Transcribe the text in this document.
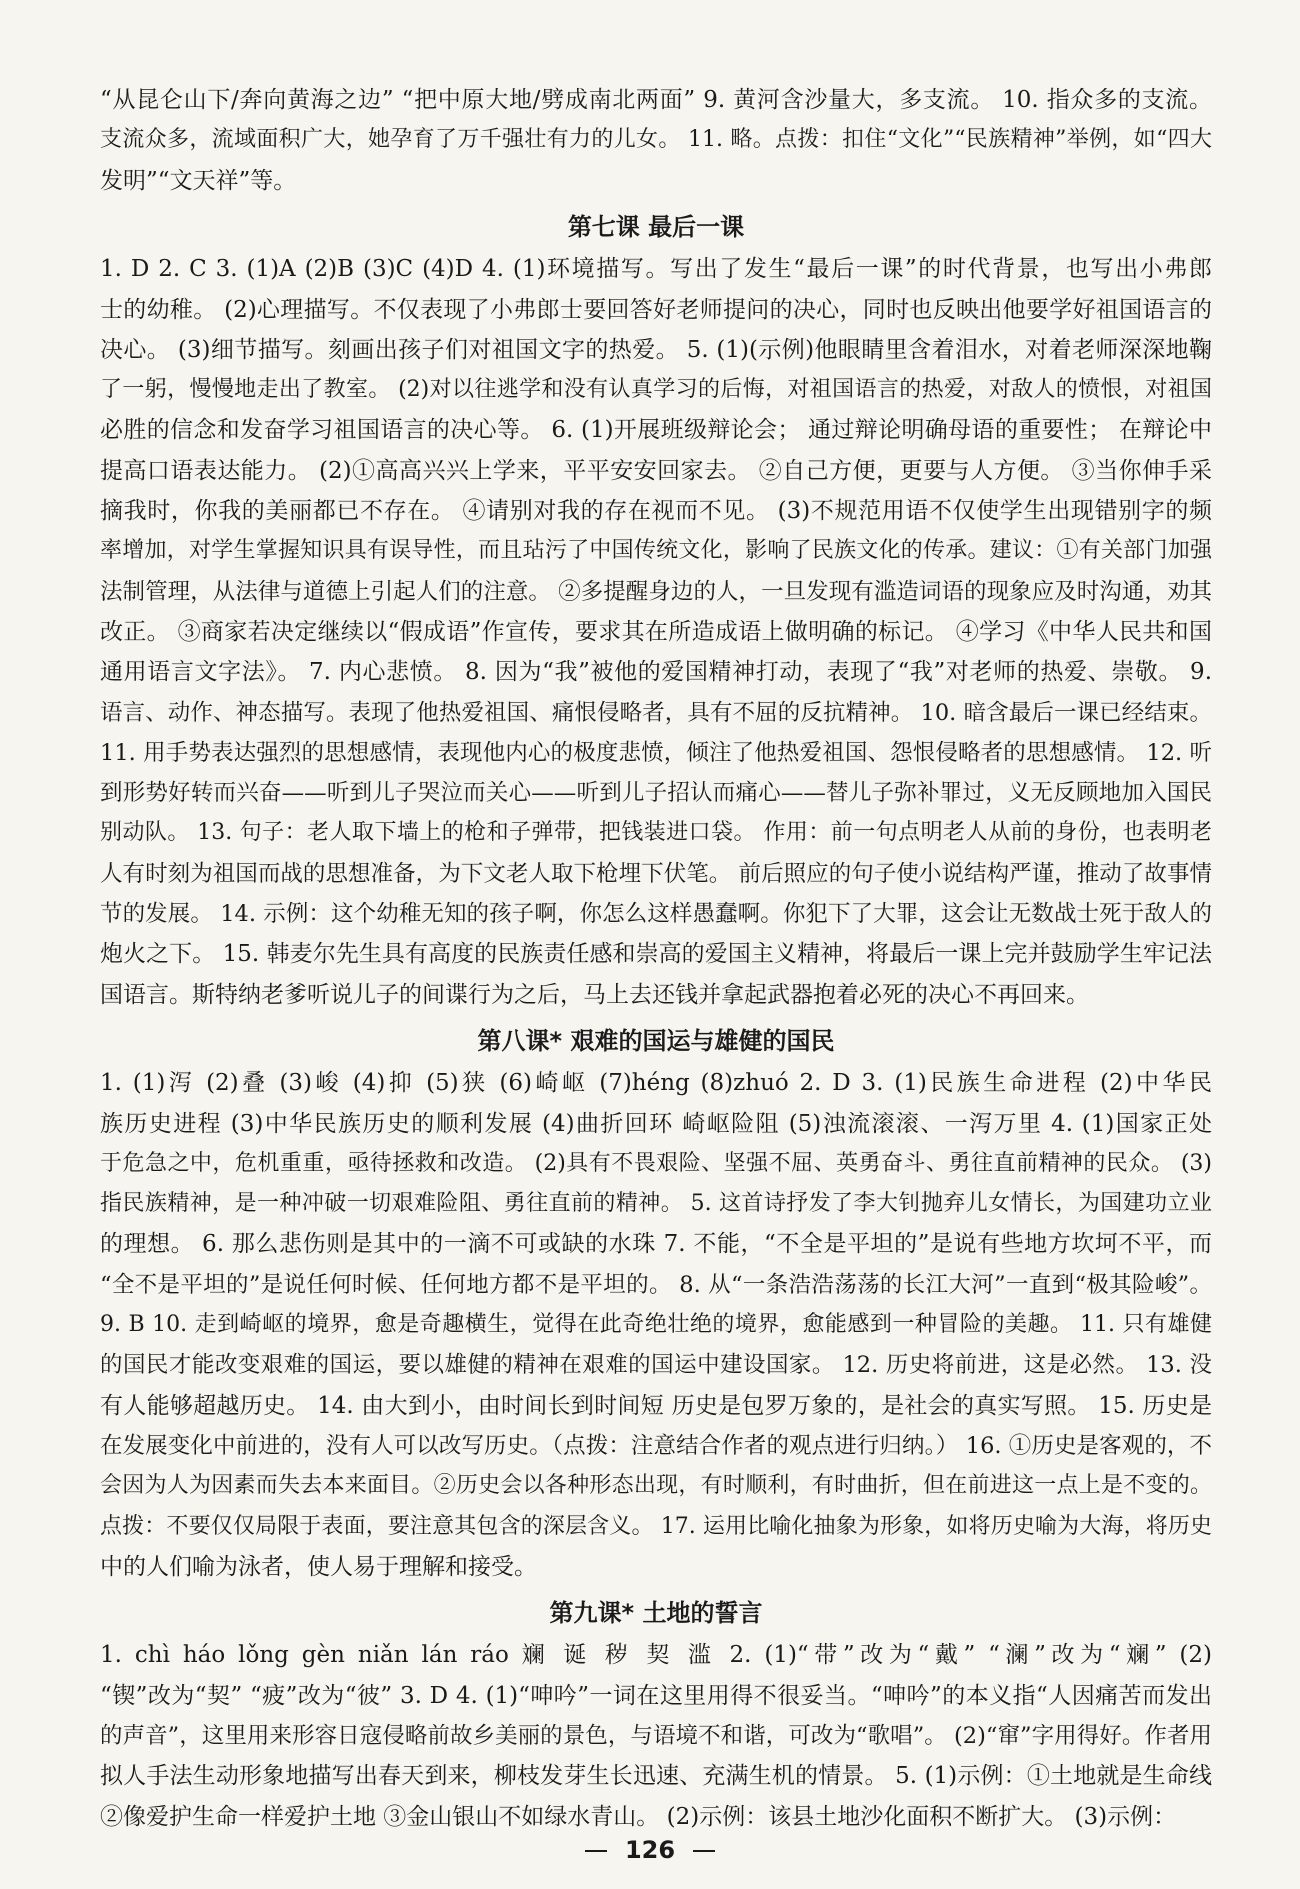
“从昆仑山下/奔向黄海之边” “把中原大地/劈成南北两面” 9. 黄河含沙量大，多支流。 10. 指众多的支流。
支流众多，流域面积广大，她孕育了万千强壮有力的儿女。 11. 略。点拨：扣住“文化”“民族精神”举例，如“四大
发明”“文天祥”等。
第七课 最后一课
1. D 2. C 3. (1)A (2)B (3)C (4)D 4. (1)环境描写。写出了发生“最后一课”的时代背景，也写出小弗郎
士的幼稚。 (2)心理描写。不仅表现了小弗郎士要回答好老师提问的决心，同时也反映出他要学好祖国语言的
决心。 (3)细节描写。刻画出孩子们对祖国文字的热爱。 5. (1)(示例)他眼睛里含着泪水，对着老师深深地鞠
了一躬，慢慢地走出了教室。 (2)对以往逃学和没有认真学习的后悔，对祖国语言的热爱，对敌人的愤恨，对祖国
必胜的信念和发奋学习祖国语言的决心等。 6. (1)开展班级辩论会； 通过辩论明确母语的重要性； 在辩论中
提高口语表达能力。 (2)①高高兴兴上学来，平平安安回家去。 ②自己方便，更要与人方便。 ③当你伸手采
摘我时，你我的美丽都已不存在。 ④请别对我的存在视而不见。 (3)不规范用语不仅使学生出现错别字的频
率增加，对学生掌握知识具有误导性，而且玷污了中国传统文化，影响了民族文化的传承。建议：①有关部门加强
法制管理，从法律与道德上引起人们的注意。 ②多提醒身边的人，一旦发现有滥造词语的现象应及时沟通，劝其
改正。 ③商家若决定继续以“假成语”作宣传，要求其在所造成语上做明确的标记。 ④学习《中华人民共和国
通用语言文字法》。 7. 内心悲愤。 8. 因为“我”被他的爱国精神打动，表现了“我”对老师的热爱、崇敬。 9.
语言、动作、神态描写。表现了他热爱祖国、痛恨侵略者，具有不屈的反抗精神。 10. 暗含最后一课已经结束。
11. 用手势表达强烈的思想感情，表现他内心的极度悲愤，倾注了他热爱祖国、怨恨侵略者的思想感情。 12. 听
到形势好转而兴奋——听到儿子哭泣而关心——听到儿子招认而痛心——替儿子弥补罪过，义无反顾地加入国民
别动队。 13. 句子：老人取下墙上的枪和子弹带，把钱装进口袋。 作用：前一句点明老人从前的身份，也表明老
人有时刻为祖国而战的思想准备，为下文老人取下枪埋下伏笔。 前后照应的句子使小说结构严谨，推动了故事情
节的发展。 14. 示例：这个幼稚无知的孩子啊，你怎么这样愚蠢啊。你犯下了大罪，这会让无数战士死于敌人的
炮火之下。 15. 韩麦尔先生具有高度的民族责任感和崇高的爱国主义精神，将最后一课上完并鼓励学生牢记法
国语言。斯特纳老爹听说儿子的间谍行为之后，马上去还钱并拿起武器抱着必死的决心不再回来。
第八课* 艰难的国运与雄健的国民
1. (1)泻 (2)叠 (3)峻 (4)抑 (5)狭 (6)崎岖 (7)héng (8)zhuó 2. D 3. (1)民族生命进程 (2)中华民
族历史进程 (3)中华民族历史的顺利发展 (4)曲折回环 崎岖险阻 (5)浊流滚滚、一泻万里 4. (1)国家正处
于危急之中，危机重重，亟待拯救和改造。 (2)具有不畏艰险、坚强不屈、英勇奋斗、勇往直前精神的民众。 (3)
指民族精神，是一种冲破一切艰难险阻、勇往直前的精神。 5. 这首诗抒发了李大钊抛弃儿女情长，为国建功立业
的理想。 6. 那么悲伤则是其中的一滴不可或缺的水珠 7. 不能，“不全是平坦的”是说有些地方坎坷不平，而
“全不是平坦的”是说任何时候、任何地方都不是平坦的。 8. 从“一条浩浩荡荡的长江大河”一直到“极其险峻”。
9. B 10. 走到崎岖的境界，愈是奇趣横生，觉得在此奇绝壮绝的境界，愈能感到一种冒险的美趣。 11. 只有雄健
的国民才能改变艰难的国运，要以雄健的精神在艰难的国运中建设国家。 12. 历史将前进，这是必然。 13. 没
有人能够超越历史。 14. 由大到小，由时间长到时间短 历史是包罗万象的，是社会的真实写照。 15. 历史是
在发展变化中前进的，没有人可以改写历史。（点拨：注意结合作者的观点进行归纳。） 16. ①历史是客观的，不
会因为人为因素而失去本来面目。②历史会以各种形态出现，有时顺利，有时曲折，但在前进这一点上是不变的。
点拨：不要仅仅局限于表面，要注意其包含的深层含义。 17. 运用比喻化抽象为形象，如将历史喻为大海，将历史
中的人们喻为泳者，使人易于理解和接受。
第九课* 土地的誓言
1. chì háo lǒng gèn niǎn lán ráo 斓 诞 秽 契 滥 2. (1)“带”改为“戴” “澜”改为“斓” (2)
“锲”改为“契” “疲”改为“彼” 3. D 4. (1)“呻吟”一词在这里用得不很妥当。“呻吟”的本义指“人因痛苦而发出
的声音”，这里用来形容日寇侵略前故乡美丽的景色，与语境不和谐，可改为“歌唱”。 (2)“窜”字用得好。作者用
拟人手法生动形象地描写出春天到来，柳枝发芽生长迅速、充满生机的情景。 5. (1)示例：①土地就是生命线
②像爱护生命一样爱护土地 ③金山银山不如绿水青山。 (2)示例：该县土地沙化面积不断扩大。 (3)示例：
126
